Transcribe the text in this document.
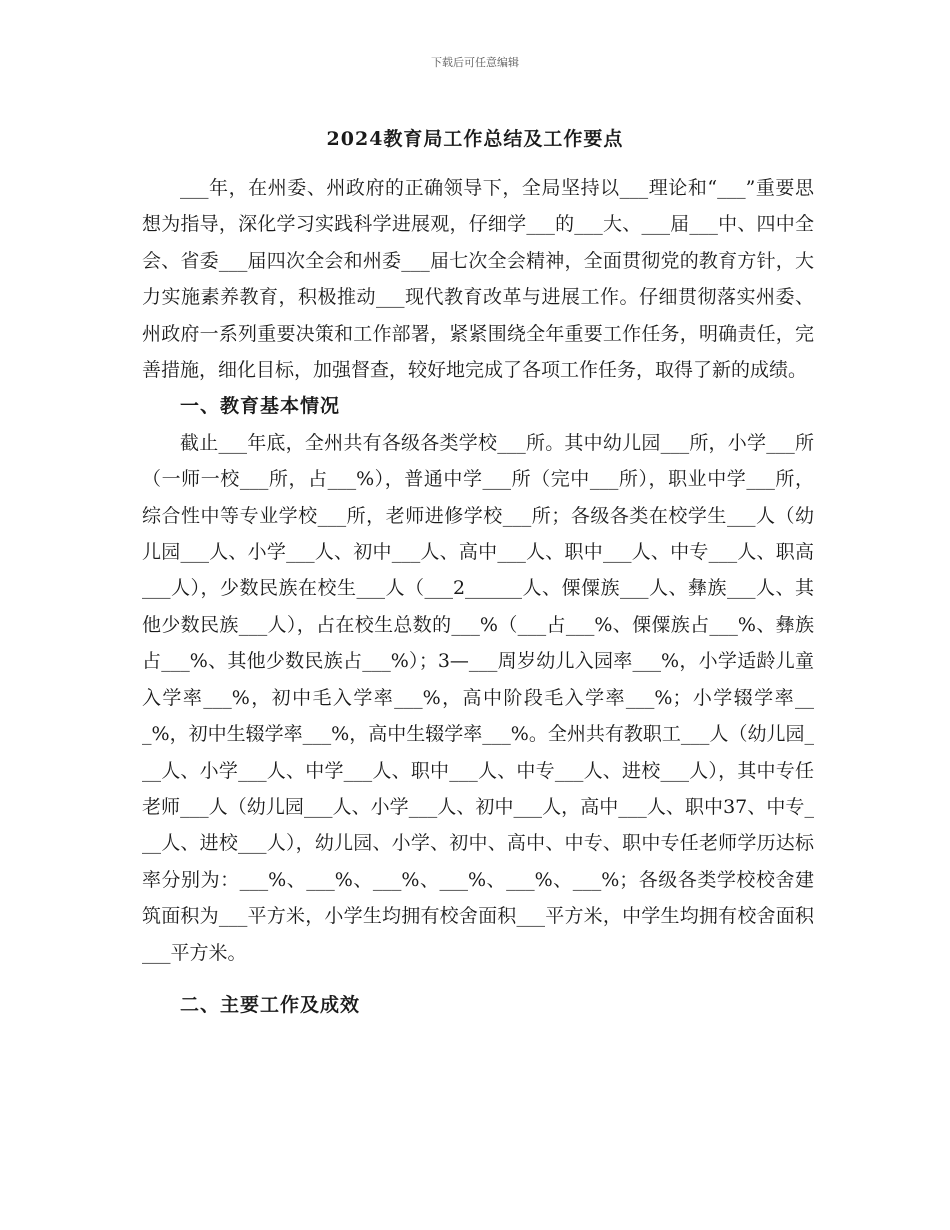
下载后可任意编辑
2024教育局工作总结及工作要点

___年，在州委、州政府的正确领导下，全局坚持以___理论和“___”重要思想为指导，深化学习实践科学进展观，仔细学___的___大、___届___中、四中全会、省委___届四次全会和州委___届七次全会精神，全面贯彻党的教育方针，大力实施素养教育，积极推动___现代教育改革与进展工作。仔细贯彻落实州委、州政府一系列重要决策和工作部署，紧紧围绕全年重要工作任务，明确责任，完善措施，细化目标，加强督查，较好地完成了各项工作任务，取得了新的成绩。

一、教育基本情况

截止___年底，全州共有各级各类学校___所。其中幼儿园___所，小学___所（一师一校___所，占___%），普通中学___所（完中___所），职业中学___所，综合性中等专业学校___所，老师进修学校___所；各级各类在校学生___人（幼儿园___人、小学___人、初中___人、高中___人、职中___人、中专___人、职高___人），少数民族在校生___人（___2______人、傈僳族___人、彝族___人、其他少数民族___人），占在校生总数的___%（___占___%、傈僳族占___%、彝族占___%、其他少数民族占___%）；3—___周岁幼儿入园率___%，小学适龄儿童入学率___%，初中毛入学率___%，高中阶段毛入学率___%；小学辍学率___%，初中生辍学率___%，高中生辍学率___%。全州共有教职工___人（幼儿园___人、小学___人、中学___人、职中___人、中专___人、进校___人），其中专任老师___人（幼儿园___人、小学___人、初中___人，高中___人、职中37、中专___人、进校___人），幼儿园、小学、初中、高中、中专、职中专任老师学历达标率分别为：___%、___%、___%、___%、___%、___%；各级各类学校校舍建筑面积为___平方米，小学生均拥有校舍面积___平方米，中学生均拥有校舍面积___平方米。

二、主要工作及成效
